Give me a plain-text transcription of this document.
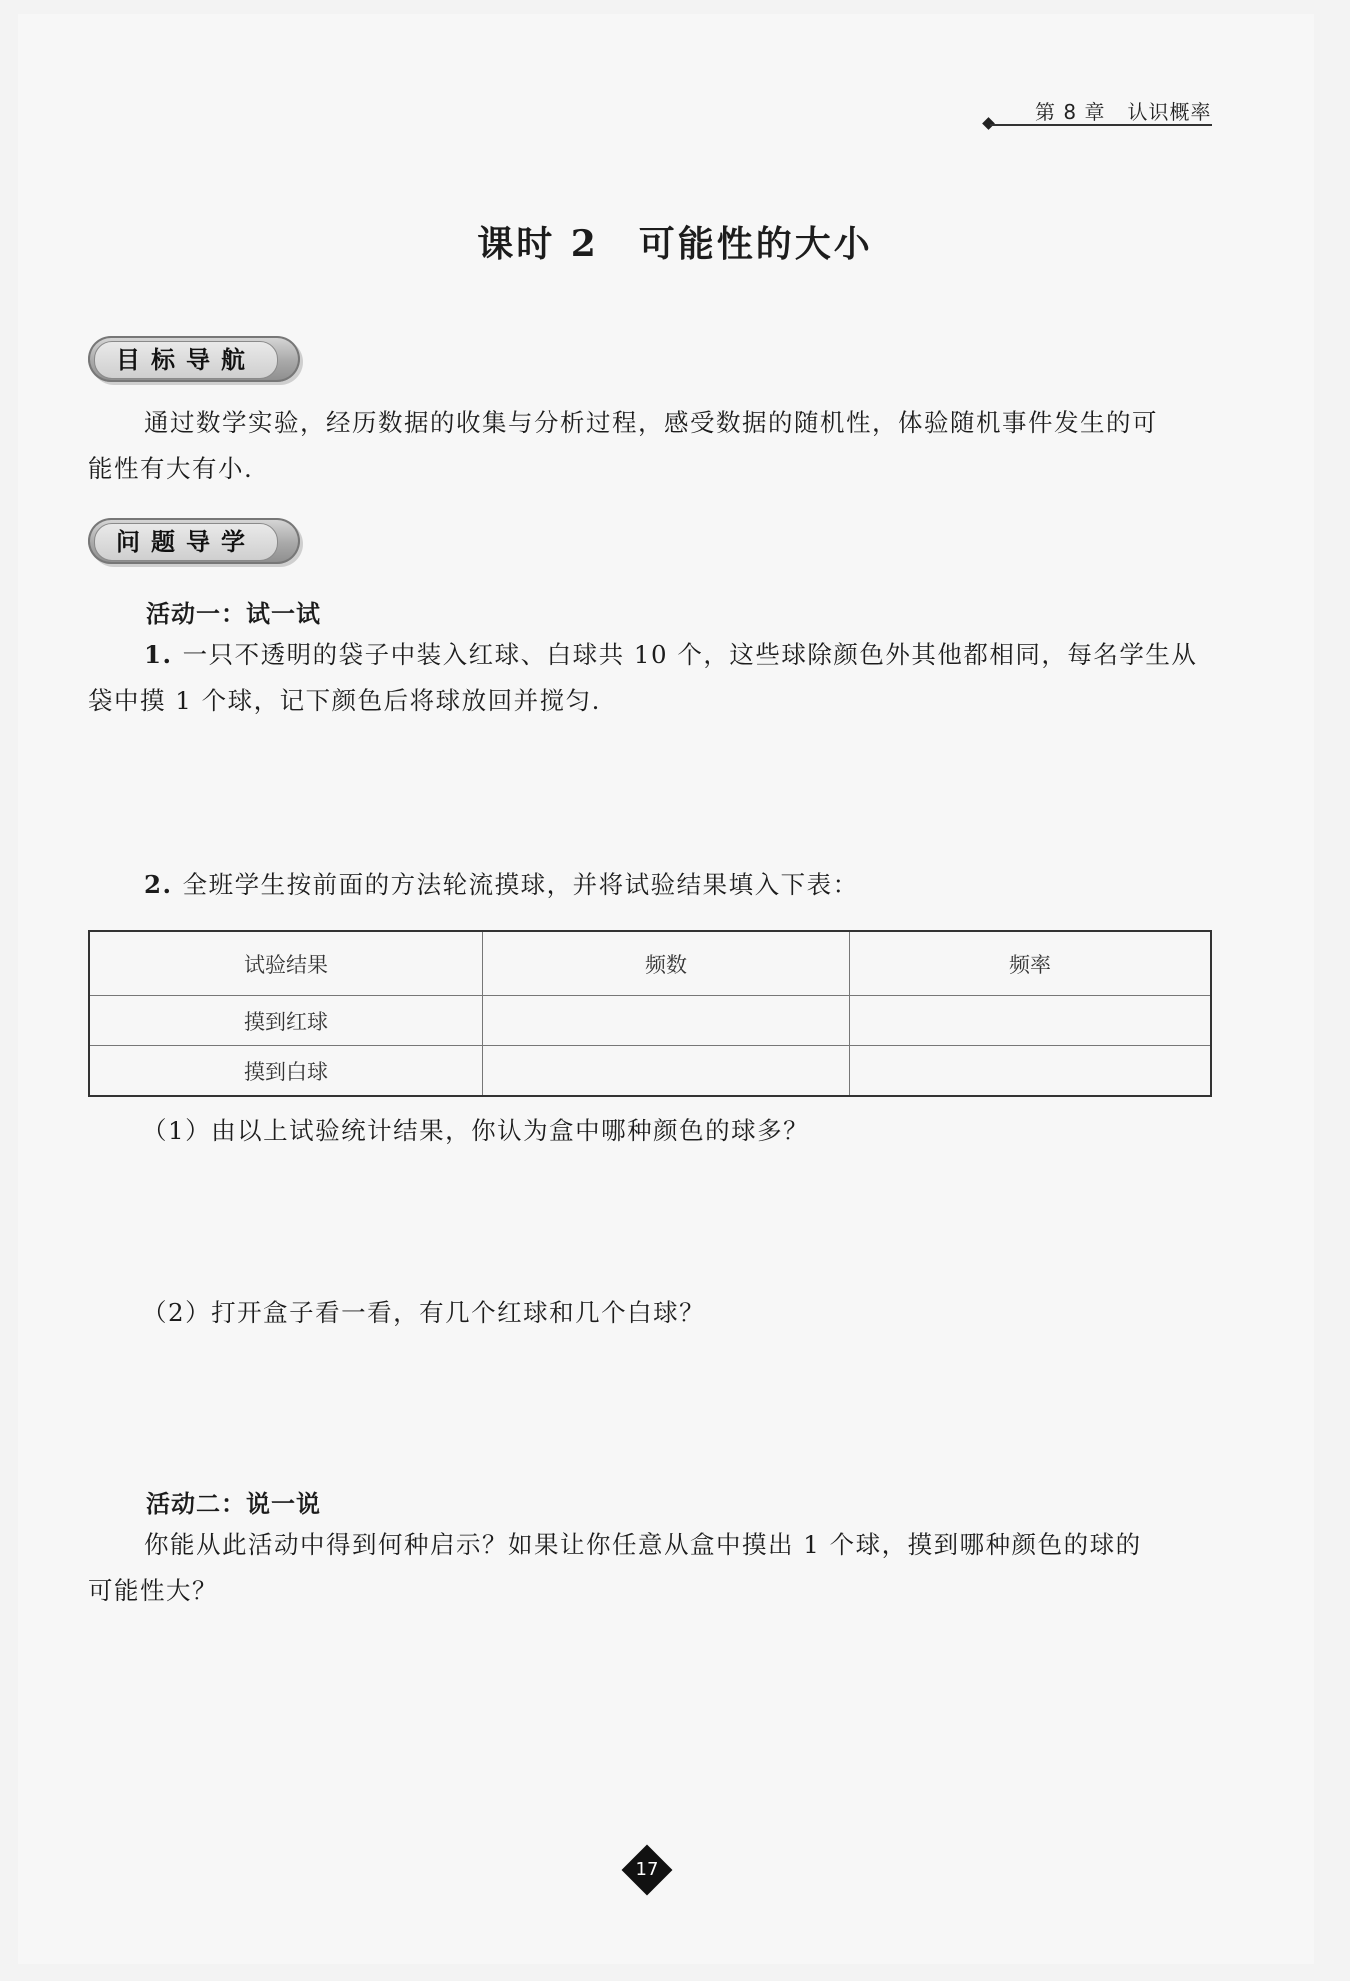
第 8 章 认识概率
课时 2 可能性的大小
目标导航
通过数学实验，经历数据的收集与分析过程，感受数据的随机性，体验随机事件发生的可
能性有大有小.
问题导学
活动一：试一试
1. 一只不透明的袋子中装入红球、白球共 10 个，这些球除颜色外其他都相同，每名学生从
袋中摸 1 个球，记下颜色后将球放回并搅匀.
2. 全班学生按前面的方法轮流摸球，并将试验结果填入下表：
试验结果	频数	频率
摸到红球		
摸到白球		
（1）由以上试验统计结果，你认为盒中哪种颜色的球多？
（2）打开盒子看一看，有几个红球和几个白球？
活动二：说一说
你能从此活动中得到何种启示？如果让你任意从盒中摸出 1 个球，摸到哪种颜色的球的
可能性大？
17
